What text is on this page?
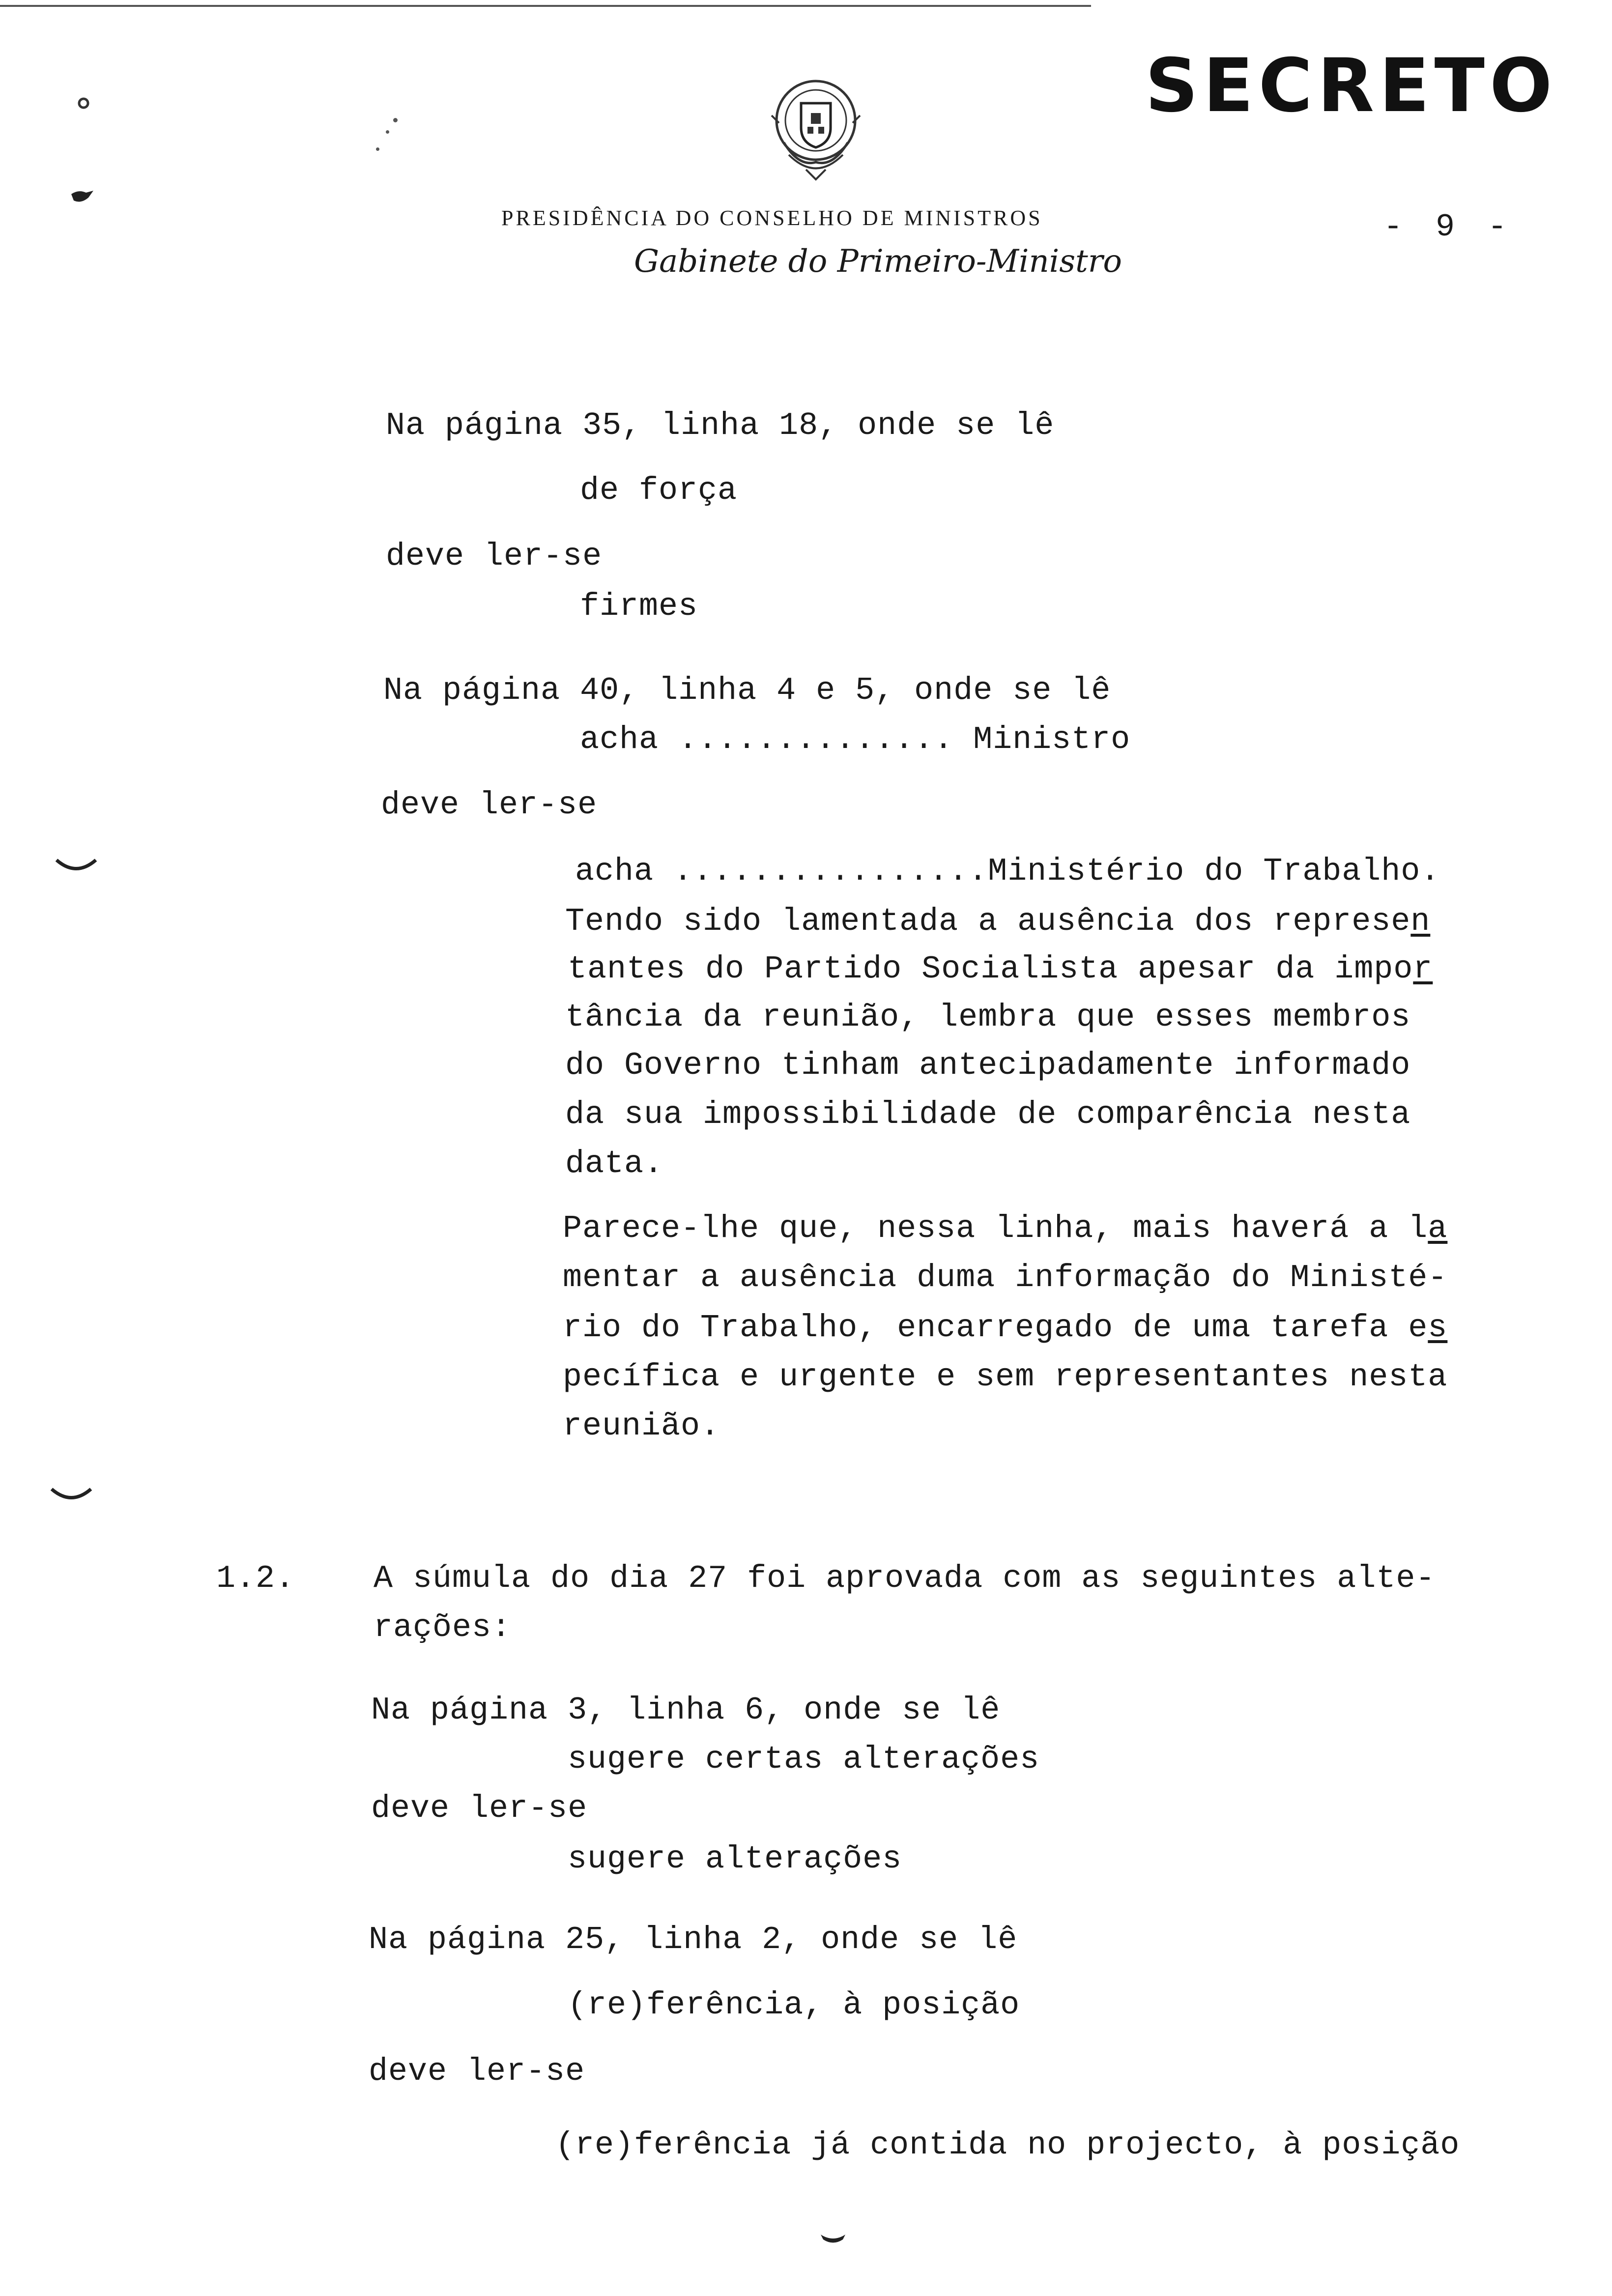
SECRETO
- 9 -
PRESIDÊNCIA DO CONSELHO DE MINISTROS
Gabinete do Primeiro-Ministro
Na página 35, linha 18, onde se lê
de força
deve ler-se
firmes
Na página 40, linha 4 e 5, onde se lê
acha .............. Ministro
deve ler-se
acha ................Ministério do Trabalho.
Tendo sido lamentada a ausência dos represen
tantes do Partido Socialista apesar da impor
tância da reunião, lembra que esses membros
do Governo tinham antecipadamente informado
da sua impossibilidade de comparência nesta
data.
Parece-lhe que, nessa linha, mais haverá a la
mentar a ausência duma informação do Ministé-
rio do Trabalho, encarregado de uma tarefa es
pecífica e urgente e sem representantes nesta
reunião.
1.2. A súmula do dia 27 foi aprovada com as seguintes alte-
rações:
Na página 3, linha 6, onde se lê
sugere certas alterações
deve ler-se
sugere alterações
Na página 25, linha 2, onde se lê
(re)ferência, à posição
deve ler-se
(re)ferência já contida no projecto, à posição
